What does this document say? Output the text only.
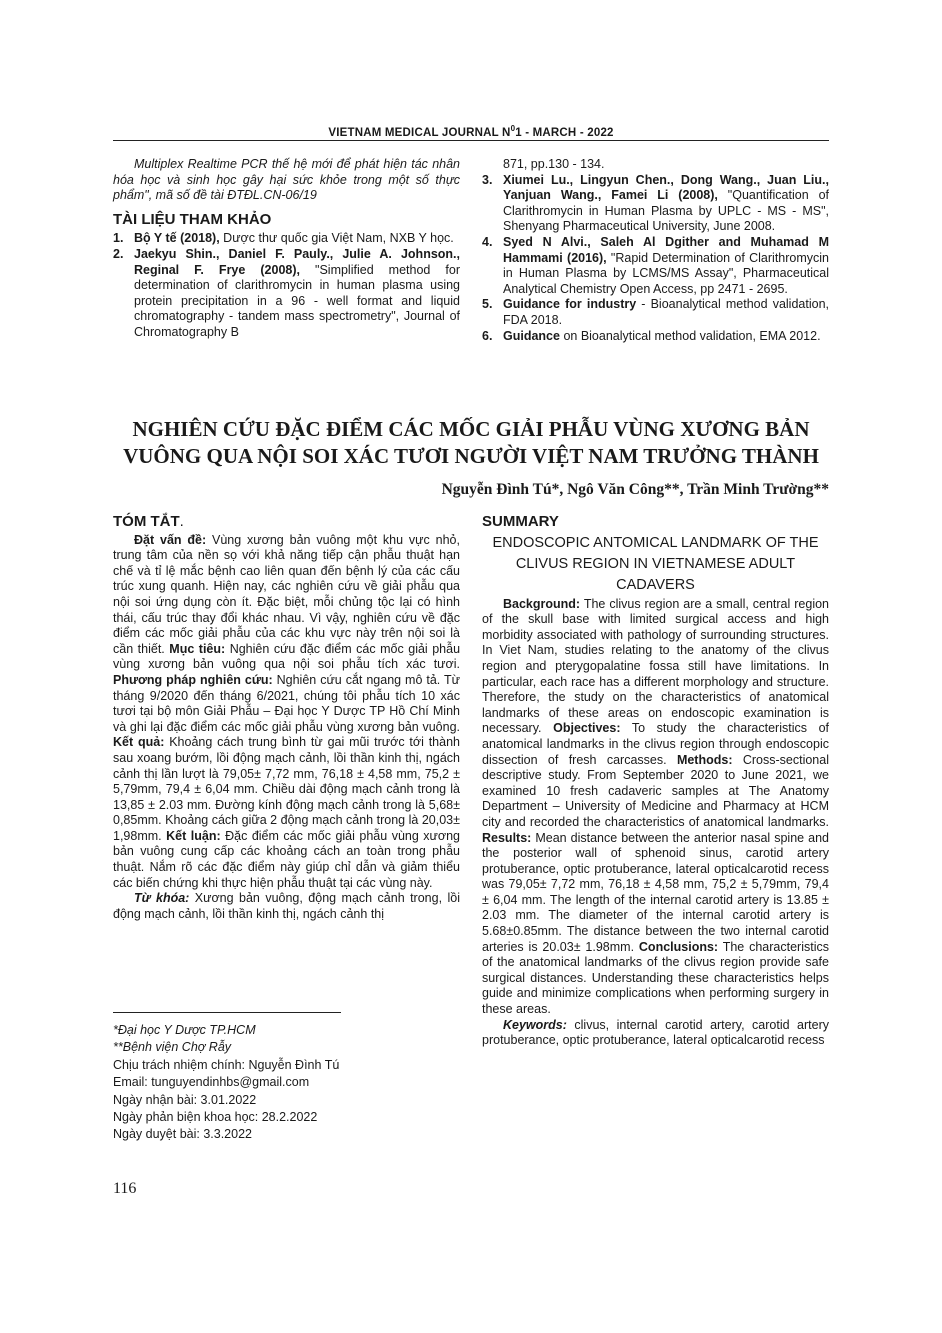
VIETNAM MEDICAL JOURNAL $N^01$ - MARCH - 2022

Multiplex Realtime PCR thế hệ mới để phát hiện tác nhân hóa học và sinh học gây hại sức khỏe trong một số thực phẩm", mã số đề tài ĐTĐL.CN-06/19

TÀI LIỆU THAM KHẢO
1. Bộ Y tế (2018), Dược thư quốc gia Việt Nam, NXB Y học.
2. Jaekyu Shin., Daniel F. Pauly., Julie A. Johnson., Reginal F. Frye (2008), "Simplified method for determination of clarithromycin in human plasma using protein precipitation in a 96 - well format and liquid chromatography - tandem mass spectrometry", Journal of Chromatography B

871, pp.130 - 134.

3. Xiumei Lu., Lingyun Chen., Dong Wang., Juan Liu., Yanjuan Wang., Famei Li (2008), "Quantification of Clarithromycin in Human Plasma by UPLC - MS - MS", Shenyang Pharmaceutical University, June 2008.
4. Syed N Alvi., Saleh Al Dgither and Muhamad M Hammami (2016), "Rapid Determination of Clarithromycin in Human Plasma by LCMS/MS Assay", Pharmaceutical Analytical Chemistry Open Access, pp 2471 - 2695.
5. Guidance for industry - Bioanalytical method validation, FDA 2018.
6. Guidance on Bioanalytical method validation, EMA 2012.
NGHIÊN CỨU ĐẶC ĐIỂM CÁC MỐC GIẢI PHẪU VÙNG XƯƠNG BẢN
VUÔNG QUA NỘI SOI XÁC TƯƠI NGƯỜI VIỆT NAM TRƯỞNG THÀNH
Nguyễn Đình Tú*, Ngô Văn Công**, Trần Minh Trường**
TÓM TẮT.

Đặt vấn đề: Vùng xương bản vuông một khu vực nhỏ, trung tâm của nền sọ với khả năng tiếp cận phẫu thuật hạn chế và tỉ lệ mắc bệnh cao liên quan đến bệnh lý của các cấu trúc xung quanh. Hiện nay, các nghiên cứu về giải phẫu qua nội soi ứng dụng còn ít. Đặc biệt, mỗi chủng tộc lại có hình thái, cấu trúc thay đổi khác nhau. Vì vậy, nghiên cứu về đặc điểm các mốc giải phẫu của các khu vực này trên nội soi là cần thiết. Mục tiêu: Nghiên cứu đặc điểm các mốc giải phẫu vùng xương bản vuông qua nội soi phẫu tích xác tươi. Phương pháp nghiên cứu: Nghiên cứu cắt ngang mô tả. Từ tháng 9/2020 đến tháng 6/2021, chúng tôi phẫu tích 10 xác tươi tại bộ môn Giải Phẫu – Đại học Y Dược TP Hồ Chí Minh và ghi lại đặc điểm các mốc giải phẫu vùng xương bản vuông. Kết quả: Khoảng cách trung bình từ gai mũi trước tới thành sau xoang bướm, lồi động mạch cảnh, lồi thần kinh thị, ngách cảnh thị lần lượt là 79,05± 7,72 mm, 76,18 ± 4,58 mm, 75,2 ± 5,79mm, 79,4 ± 6,04 mm. Chiều dài động mạch cảnh trong là 13,85 ± 2.03 mm. Đường kính động mạch cảnh trong là 5,68± 0,85mm. Khoảng cách giữa 2 động mạch cảnh trong là 20,03± 1,98mm. Kết luận: Đặc điểm các mốc giải phẫu vùng xương bản vuông cung cấp các khoảng cách an toàn trong phẫu thuật. Nắm rõ các đặc điểm này giúp chỉ dẫn và giảm thiểu các biến chứng khi thực hiện phẫu thuật tại các vùng này.

Từ khóa: Xương bản vuông, động mạch cảnh trong, lồi động mạch cảnh, lồi thần kinh thị, ngách cảnh thị

SUMMARY
ENDOSCOPIC ANTOMICAL LANDMARK OF THE CLIVUS REGION IN VIETNAMESE ADULT CADAVERS

Background: The clivus region are a small, central region of the skull base with limited surgical access and high morbidity associated with pathology of surrounding structures. In Viet Nam, studies relating to the anatomy of the clivus region and pterygopalatine fossa still have limitations. In particular, each race has a different morphology and structure. Therefore, the study on the characteristics of anatomical landmarks of these areas on endoscopic examination is necessary. Objectives: To study the characteristics of anatomical landmarks in the clivus region through endoscopic dissection of fresh carcasses. Methods: Cross-sectional descriptive study. From September 2020 to June 2021, we examined 10 fresh cadaveric samples at The Anatomy Department – University of Medicine and Pharmacy at HCM city and recorded the characteristics of anatomical landmarks. Results: Mean distance between the anterior nasal spine and the posterior wall of sphenoid sinus, carotid artery protuberance, optic protuberance, lateral opticalcarotid recess was 79,05± 7,72 mm, 76,18 ± 4,58 mm, 75,2 ± 5,79mm, 79,4 ± 6,04 mm. The length of the internal carotid artery is 13.85 ± 2.03 mm. The diameter of the internal carotid artery is 5.68±0.85mm. The distance between the two internal carotid arteries is 20.03± 1.98mm. Conclusions: The characteristics of the anatomical landmarks of the clivus region provide safe surgical distances. Understanding these characteristics helps guide and minimize complications when performing surgery in these areas.

Keywords: clivus, internal carotid artery, carotid artery protuberance, optic protuberance, lateral opticalcarotid recess

*Đại học Y Dược TP.HCM
**Bệnh viện Chợ Rẫy
Chịu trách nhiệm chính: Nguyễn Đình Tú
Email: tunguyendinhbs@gmail.com
Ngày nhận bài: 3.01.2022
Ngày phản biện khoa học: 28.2.2022
Ngày duyệt bài: 3.3.2022
116
